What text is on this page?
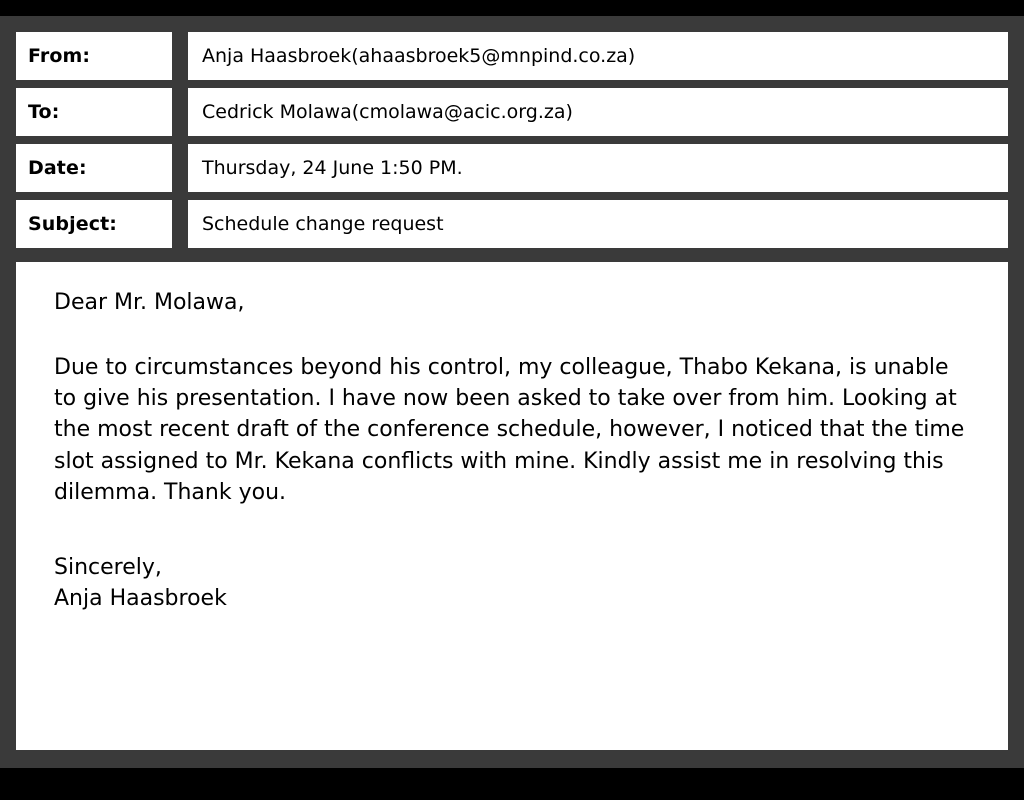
From:	Anja Haasbroek(ahaasbroek5@mnpind.co.za)
To:	Cedrick Molawa(cmolawa@acic.org.za)
Date:	Thursday, 24 June 1:50 PM.
Subject:	Schedule change request

Dear Mr. Molawa,

Due to circumstances beyond his control, my colleague, Thabo Kekana, is unable to give his presentation. I have now been asked to take over from him. Looking at the most recent draft of the conference schedule, however, I noticed that the time slot assigned to Mr. Kekana conflicts with mine. Kindly assist me in resolving this dilemma. Thank you.

Sincerely,
Anja Haasbroek
